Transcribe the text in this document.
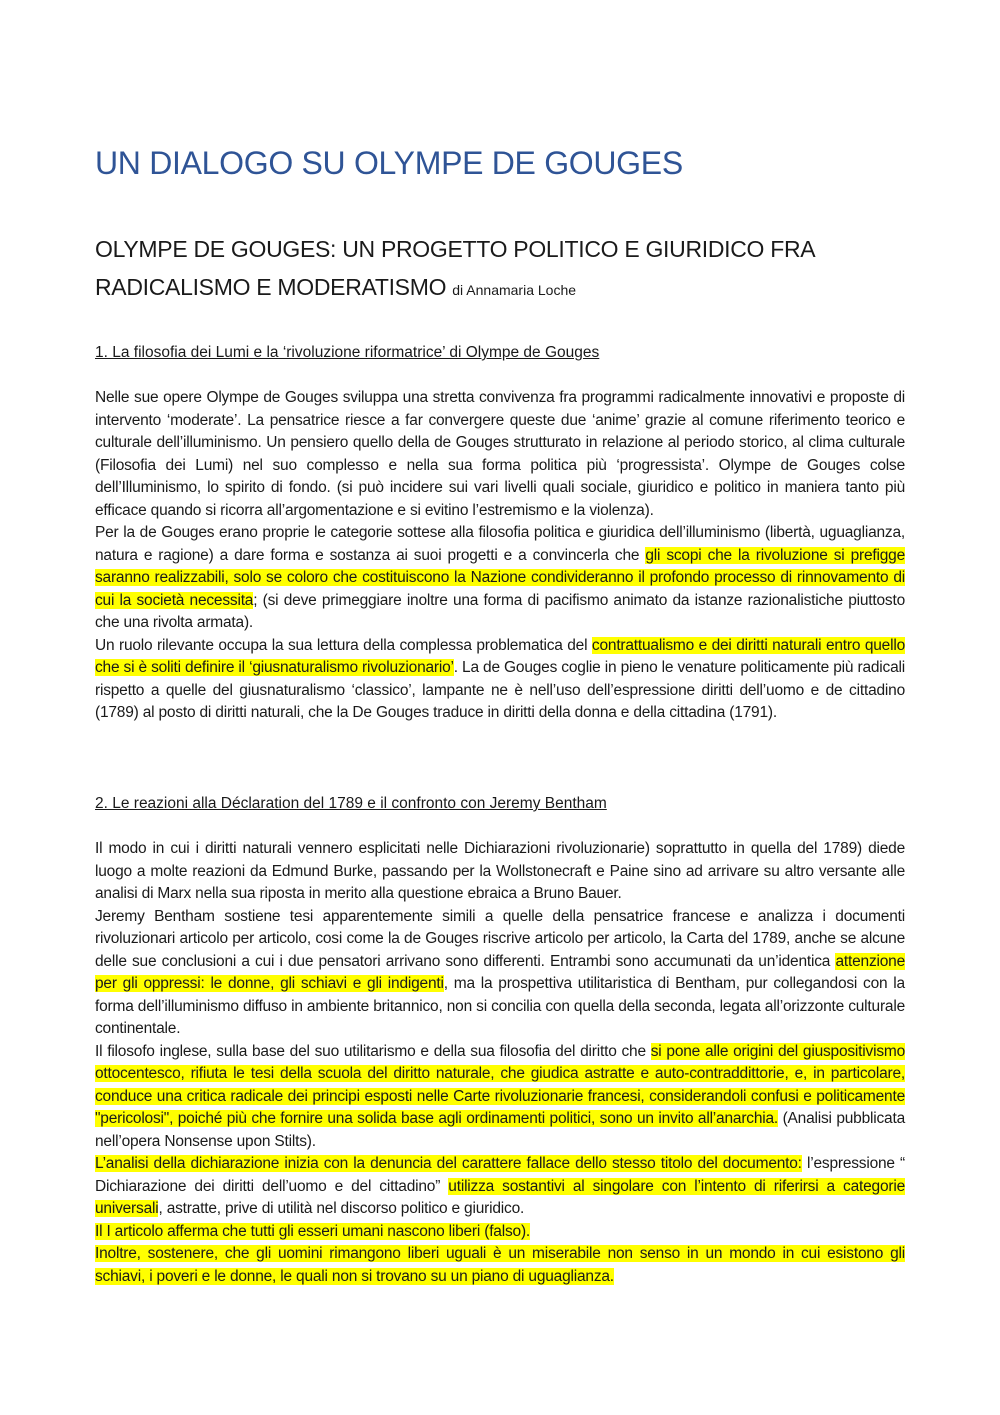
UN DIALOGO SU OLYMPE DE GOUGES
OLYMPE DE GOUGES: UN PROGETTO POLITICO E GIURIDICO FRA RADICALISMO E MODERATISMO di Annamaria Loche
1. La filosofia dei Lumi e la ‘rivoluzione riformatrice’ di Olympe de Gouges

Nelle sue opere Olympe de Gouges sviluppa una stretta convivenza fra programmi radicalmente innovativi e proposte di intervento ‘moderate’. La pensatrice riesce a far convergere queste due ‘anime’ grazie al comune riferimento teorico e culturale dell’illuminismo. Un pensiero quello della de Gouges strutturato in relazione al periodo storico, al clima culturale (Filosofia dei Lumi) nel suo complesso e nella sua forma politica più ‘progressista’. Olympe de Gouges colse dell’Illuminismo, lo spirito di fondo. (si può incidere sui vari livelli quali sociale, giuridico e politico in maniera tanto più efficace quando si ricorra all’argomentazione e si evitino l’estremismo e la violenza).

Per la de Gouges erano proprie le categorie sottese alla filosofia politica e giuridica dell’illuminismo (libertà, uguaglianza, natura e ragione) a dare forma e sostanza ai suoi progetti e a convincerla che gli scopi che la rivoluzione si prefigge saranno realizzabili, solo se coloro che costituiscono la Nazione condivideranno il profondo processo di rinnovamento di cui la società necessita; (si deve primeggiare inoltre una forma di pacifismo animato da istanze razionalistiche piuttosto che una rivolta armata).

Un ruolo rilevante occupa la sua lettura della complessa problematica del contrattualismo e dei diritti naturali entro quello che si è soliti definire il ‘giusnaturalismo rivoluzionario’. La de Gouges coglie in pieno le venature politicamente più radicali rispetto a quelle del giusnaturalismo ‘classico’, lampante ne è nell’uso dell’espressione diritti dell’uomo e de cittadino (1789) al posto di diritti naturali, che la De Gouges traduce in diritti della donna e della cittadina (1791).

2. Le reazioni alla Déclaration del 1789 e il confronto con Jeremy Bentham

Il modo in cui i diritti naturali vennero esplicitati nelle Dichiarazioni rivoluzionarie) soprattutto in quella del 1789) diede luogo a molte reazioni da Edmund Burke, passando per la Wollstonecraft e Paine sino ad arrivare su altro versante alle analisi di Marx nella sua riposta in merito alla questione ebraica a Bruno Bauer.

Jeremy Bentham sostiene tesi apparentemente simili a quelle della pensatrice francese e analizza i documenti rivoluzionari articolo per articolo, cosi come la de Gouges riscrive articolo per articolo, la Carta del 1789, anche se alcune delle sue conclusioni a cui i due pensatori arrivano sono differenti. Entrambi sono accumunati da un’identica attenzione per gli oppressi: le donne, gli schiavi e gli indigenti, ma la prospettiva utilitaristica di Bentham, pur collegandosi con la forma dell’illuminismo diffuso in ambiente britannico, non si concilia con quella della seconda, legata all’orizzonte culturale continentale.

Il filosofo inglese, sulla base del suo utilitarismo e della sua filosofia del diritto che si pone alle origini del giuspositivismo ottocentesco, rifiuta le tesi della scuola del diritto naturale, che giudica astratte e auto-contraddittorie, e, in particolare, conduce una critica radicale dei principi esposti nelle Carte rivoluzionarie francesi, considerandoli confusi e politicamente "pericolosi", poiché più che fornire una solida base agli ordinamenti politici, sono un invito all’anarchia. (Analisi pubblicata nell’opera Nonsense upon Stilts).

L’analisi della dichiarazione inizia con la denuncia del carattere fallace dello stesso titolo del documento: l’espressione “ Dichiarazione dei diritti dell’uomo e del cittadino” utilizza sostantivi al singolare con l’intento di riferirsi a categorie universali, astratte, prive di utilità nel discorso politico e giuridico.

Il I articolo afferma che tutti gli esseri umani nascono liberi (falso).

Inoltre, sostenere, che gli uomini rimangono liberi uguali è un miserabile non senso in un mondo in cui esistono gli schiavi, i poveri e le donne, le quali non si trovano su un piano di uguaglianza.
